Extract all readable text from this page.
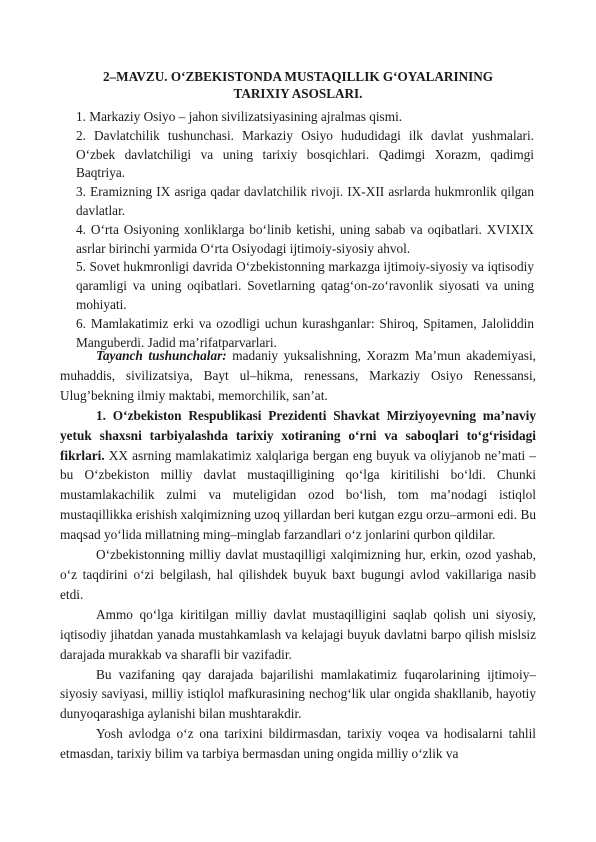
2–MAVZU. O‘ZBEKISTONDA MUSTAQILLIK G‘OYALARINING
TARIXIY ASOSLARI.

1. Markaziy Osiyo – jahon sivilizatsiyasining ajralmas qismi.

2. Davlatchilik tushunchasi. Markaziy Osiyo hududidagi ilk davlat yushmalari. O‘zbek davlatchiligi va uning tarixiy bosqichlari. Qadimgi Xorazm, qadimgi Baqtriya.

3. Eramizning IX asriga qadar davlatchilik rivoji. IX-XII asrlarda hukmronlik qilgan davlatlar.

4. O‘rta Osiyoning xonliklarga bo‘linib ketishi, uning sabab va oqibatlari. XVIXIX asrlar birinchi yarmida O‘rta Osiyodagi ijtimoiy-siyosiy ahvol.

5. Sovet hukmronligi davrida O‘zbekistonning markazga ijtimoiy-siyosiy va iqtisodiy qaramligi va uning oqibatlari. Sovetlarning qatag‘on-zo‘ravonlik siyosati va uning mohiyati.

6. Mamlakatimiz erki va ozodligi uchun kurashganlar: Shiroq, Spitamen, Jaloliddin Manguberdi. Jadid ma’rifatparvarlari.

Tayanch tushunchalar: madaniy yuksalishning, Xorazm Ma’mun akademiyasi, muhaddis, sivilizatsiya, Bayt ul–hikma, renessans, Markaziy Osiyo Renessansi, Ulug’bekning ilmiy maktabi, memorchilik, san’at.

1. O‘zbekiston Respublikasi Prezidenti Shavkat Mirziyoyevning ma’naviy yetuk shaxsni tarbiyalashda tarixiy xotiraning o‘rni va saboqlari to‘g‘risidagi fikrlari. XX asrning mamlakatimiz xalqlariga bergan eng buyuk va oliyjanob ne’mati – bu O‘zbekiston milliy davlat mustaqilligining qo‘lga kiritilishi bo‘ldi. Chunki mustamlakachilik zulmi va muteligidan ozod bo‘lish, tom ma’nodagi istiqlol mustaqillikka erishish xalqimizning uzoq yillardan beri kutgan ezgu orzu–armoni edi. Bu maqsad yo‘lida millatning ming–minglab farzandlari o‘z jonlarini qurbon qildilar.

O‘zbekistonning milliy davlat mustaqilligi xalqimizning hur, erkin, ozod yashab, o‘z taqdirini o‘zi belgilash, hal qilishdek buyuk baxt bugungi avlod vakillariga nasib etdi.

Ammo qo‘lga kiritilgan milliy davlat mustaqilligini saqlab qolish uni siyosiy, iqtisodiy jihatdan yanada mustahkamlash va kelajagi buyuk davlatni barpo qilish mislsiz darajada murakkab va sharafli bir vazifadir.

Bu vazifaning qay darajada bajarilishi mamlakatimiz fuqarolarining ijtimoiy–siyosiy saviyasi, milliy istiqlol mafkurasining nechog‘lik ular ongida shakllanib, hayotiy dunyoqarashiga aylanishi bilan mushtarakdir.

Yosh avlodga o‘z ona tarixini bildirmasdan, tarixiy voqea va hodisalarni tahlil etmasdan, tarixiy bilim va tarbiya bermasdan uning ongida milliy o‘zlik va
